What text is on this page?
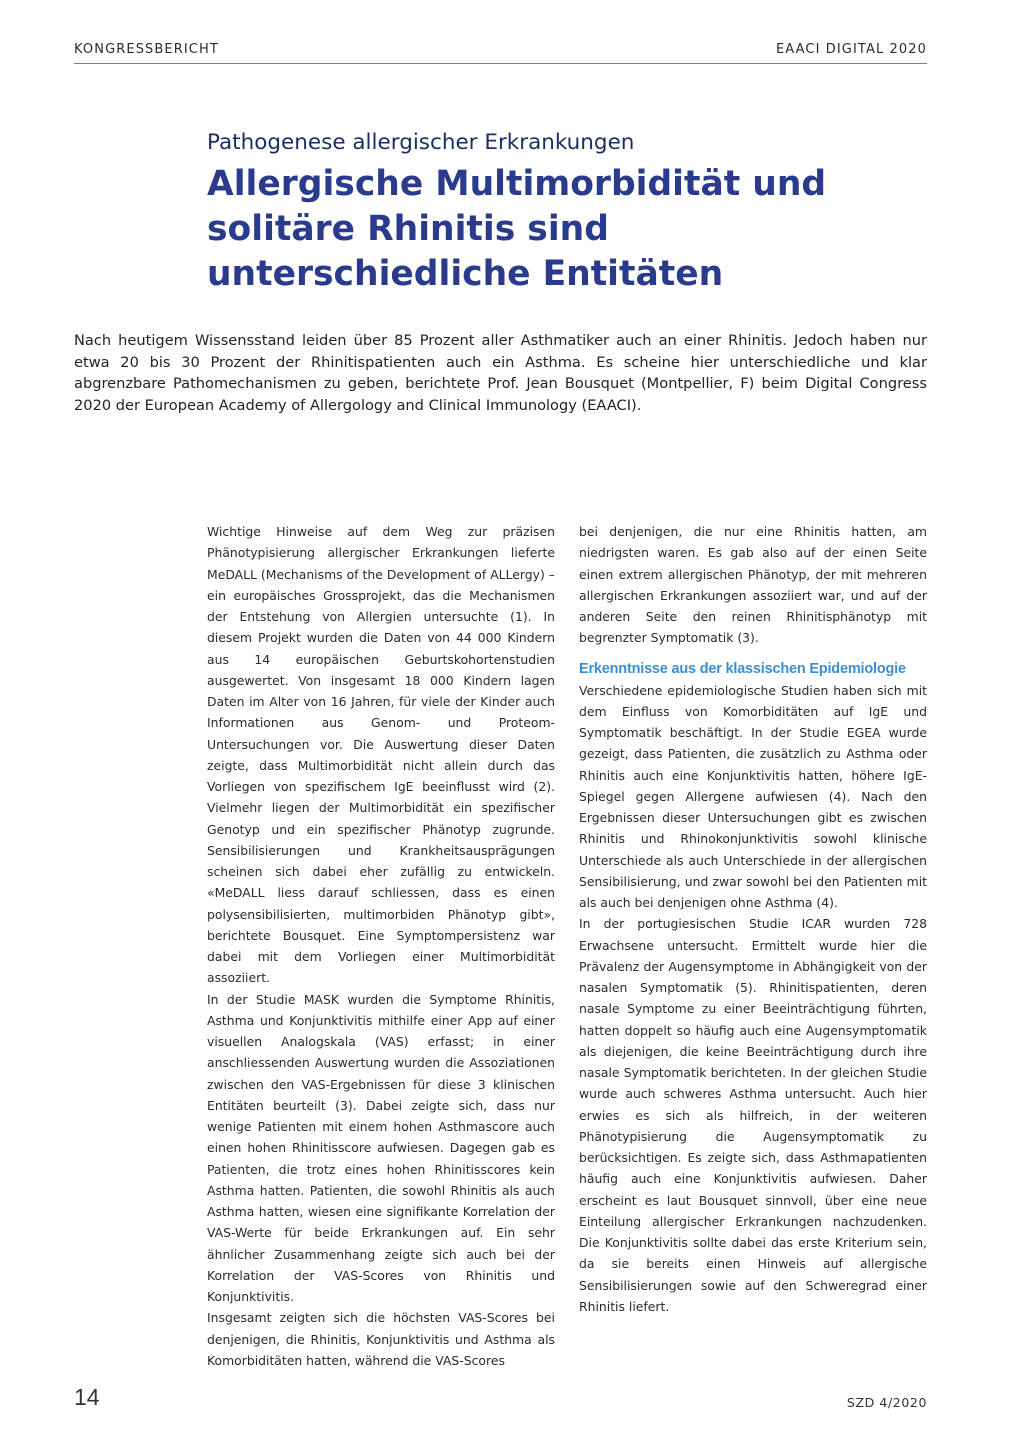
KONGRESSBERICHT	EAACI DIGITAL 2020
Pathogenese allergischer Erkrankungen
Allergische Multimorbidität und solitäre Rhinitis sind unterschiedliche Entitäten

Nach heutigem Wissensstand leiden über 85 Prozent aller Asthmatiker auch an einer Rhinitis. Jedoch haben nur etwa 20 bis 30 Prozent der Rhinitispatienten auch ein Asthma. Es scheine hier unterschiedliche und klar abgrenzbare Pathomechanismen zu geben, berichtete Prof. Jean Bousquet (Montpellier, F) beim Digital Congress 2020 der European Academy of Allergology and Clinical Immunology (EAACI).

Wichtige Hinweise auf dem Weg zur präzisen Phänotypisierung allergischer Erkrankungen lieferte MeDALL (Mechanisms of the Development of ALLergy) – ein europäisches Grossprojekt, das die Mechanismen der Entstehung von Allergien untersuchte (1). In diesem Projekt wurden die Daten von 44 000 Kindern aus 14 europäischen Geburtskohortenstudien ausgewertet. Von insgesamt 18 000 Kindern lagen Daten im Alter von 16 Jahren, für viele der Kinder auch Informationen aus Genom- und Proteom-Untersuchungen vor. Die Auswertung dieser Daten zeigte, dass Multimorbidität nicht allein durch das Vorliegen von spezifischem IgE beeinflusst wird (2). Vielmehr liegen der Multimorbidität ein spezifischer Genotyp und ein spezifischer Phänotyp zugrunde. Sensibilisierungen und Krankheitsausprägungen scheinen sich dabei eher zufällig zu entwickeln. «MeDALL liess darauf schliessen, dass es einen polysensibilisierten, multimorbiden Phänotyp gibt», berichtete Bousquet. Eine Symptompersistenz war dabei mit dem Vorliegen einer Multimorbidität assoziiert.

In der Studie MASK wurden die Symptome Rhinitis, Asthma und Konjunktivitis mithilfe einer App auf einer visuellen Analogskala (VAS) erfasst; in einer anschliessenden Auswertung wurden die Assoziationen zwischen den VAS-Ergebnissen für diese 3 klinischen Entitäten beurteilt (3). Dabei zeigte sich, dass nur wenige Patienten mit einem hohen Asthmascore auch einen hohen Rhinitisscore aufwiesen. Dagegen gab es Patienten, die trotz eines hohen Rhinitisscores kein Asthma hatten. Patienten, die sowohl Rhinitis als auch Asthma hatten, wiesen eine signifikante Korrelation der VAS-Werte für beide Erkrankungen auf. Ein sehr ähnlicher Zusammenhang zeigte sich auch bei der Korrelation der VAS-Scores von Rhinitis und Konjunktivitis.

Insgesamt zeigten sich die höchsten VAS-Scores bei denjenigen, die Rhinitis, Konjunktivitis und Asthma als Komorbiditäten hatten, während die VAS-Scores

bei denjenigen, die nur eine Rhinitis hatten, am niedrigsten waren. Es gab also auf der einen Seite einen extrem allergischen Phänotyp, der mit mehreren allergischen Erkrankungen assoziiert war, und auf der anderen Seite den reinen Rhinitisphänotyp mit begrenzter Symptomatik (3).

Erkenntnisse aus der klassischen Epidemiologie

Verschiedene epidemiologische Studien haben sich mit dem Einfluss von Komorbiditäten auf IgE und Symptomatik beschäftigt. In der Studie EGEA wurde gezeigt, dass Patienten, die zusätzlich zu Asthma oder Rhinitis auch eine Konjunktivitis hatten, höhere IgE-Spiegel gegen Allergene aufwiesen (4). Nach den Ergebnissen dieser Untersuchungen gibt es zwischen Rhinitis und Rhinokonjunktivitis sowohl klinische Unterschiede als auch Unterschiede in der allergischen Sensibilisierung, und zwar sowohl bei den Patienten mit als auch bei denjenigen ohne Asthma (4).

In der portugiesischen Studie ICAR wurden 728 Erwachsene untersucht. Ermittelt wurde hier die Prävalenz der Augensymptome in Abhängigkeit von der nasalen Symptomatik (5). Rhinitispatienten, deren nasale Symptome zu einer Beeinträchtigung führten, hatten doppelt so häufig auch eine Augensymptomatik als diejenigen, die keine Beeinträchtigung durch ihre nasale Symptomatik berichteten. In der gleichen Studie wurde auch schweres Asthma untersucht. Auch hier erwies es sich als hilfreich, in der weiteren Phänotypisierung die Augensymptomatik zu berücksichtigen. Es zeigte sich, dass Asthmapatienten häufig auch eine Konjunktivitis aufwiesen. Daher erscheint es laut Bousquet sinnvoll, über eine neue Einteilung allergischer Erkrankungen nachzudenken. Die Konjunktivitis sollte dabei das erste Kriterium sein, da sie bereits einen Hinweis auf allergische Sensibilisierungen sowie auf den Schweregrad einer Rhinitis liefert.

14	SZD 4/2020
